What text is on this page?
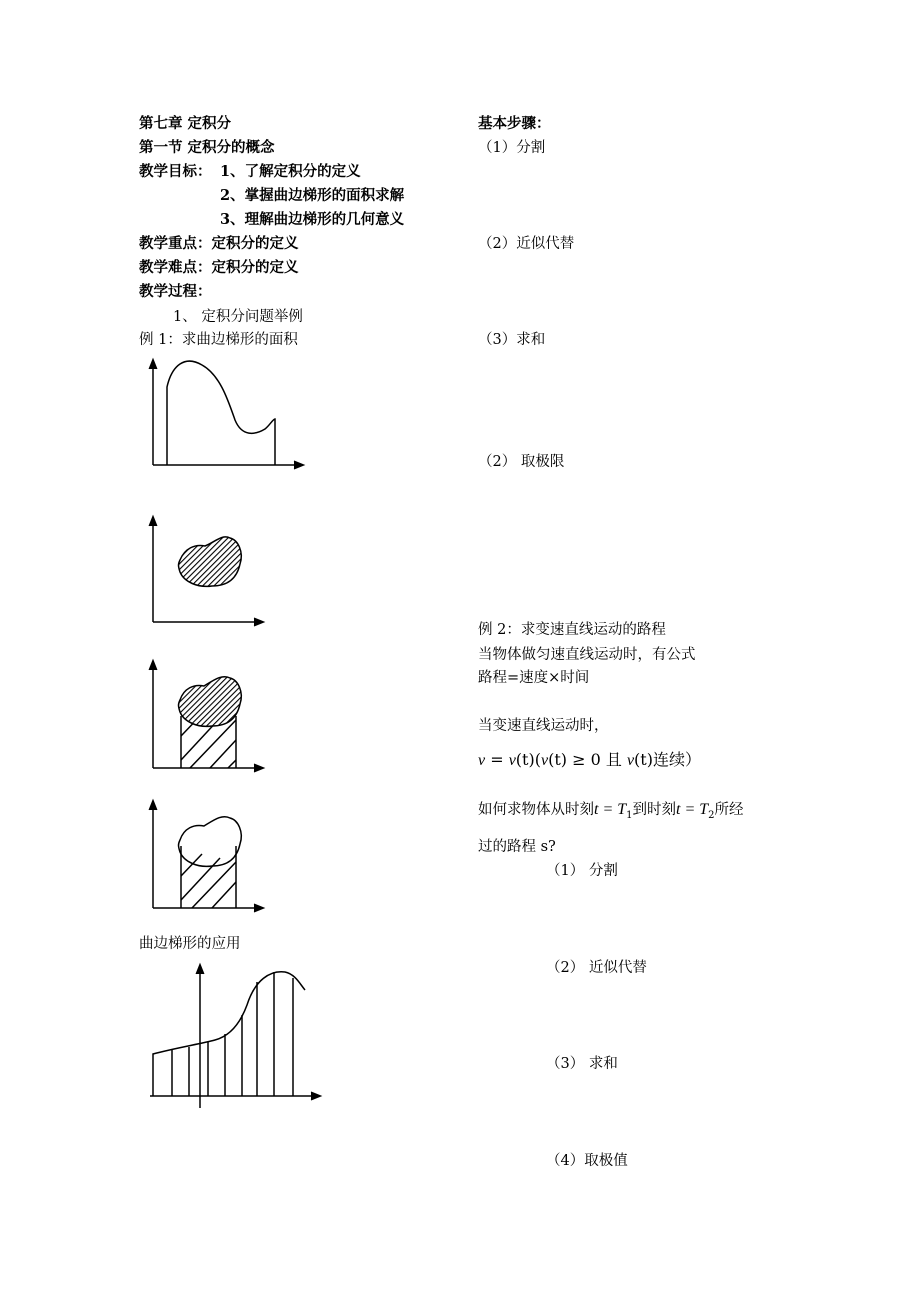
第七章 定积分
第一节 定积分的概念
教学目标： 1、了解定积分的定义
2、掌握曲边梯形的面积求解
3、理解曲边梯形的几何意义
教学重点：定积分的定义
教学难点：定积分的定义
教学过程：
1、 定积分问题举例
例 1：求曲边梯形的面积
曲边梯形的应用
基本步骤：
（1）分割
（2）近似代替
（3）求和
（2） 取极限
例 2：求变速直线运动的路程
当物体做匀速直线运动时，有公式
路程=速度×时间
当变速直线运动时，
v = v(t)(v(t) ≥ 0 且 v(t)连续）
如何求物体从时刻$t = T_1$到时刻$t = T_2$所经
过的路程 s?
（1） 分割
（2） 近似代替
（3） 求和
（4）取极值
